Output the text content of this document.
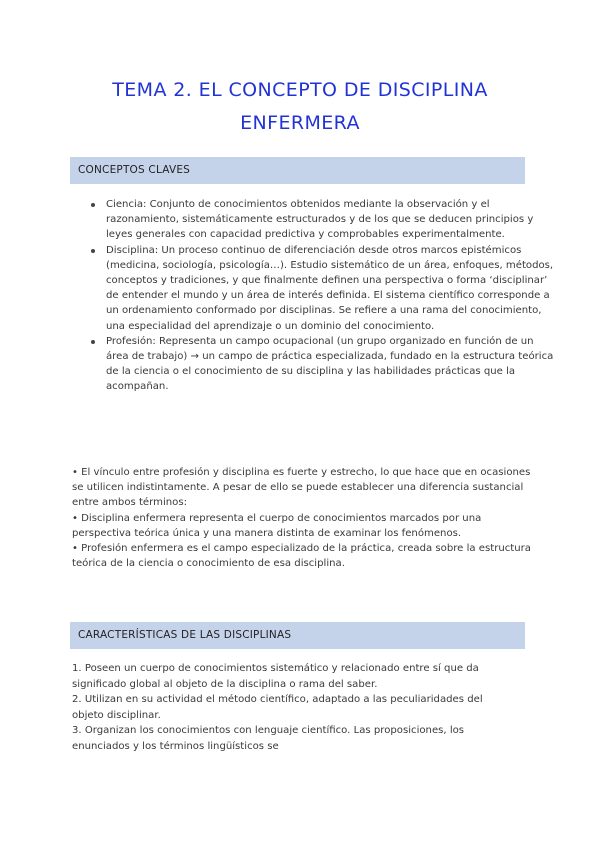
TEMA 2. EL CONCEPTO DE DISCIPLINA ENFERMERA
CONCEPTOS CLAVES
Ciencia: Conjunto de conocimientos obtenidos mediante la observación y el razonamiento, sistemáticamente estructurados y de los que se deducen principios y leyes generales con capacidad predictiva y comprobables experimentalmente.
Disciplina: Un proceso continuo de diferenciación desde otros marcos epistémicos (medicina, sociología, psicología…). Estudio sistemático de un área, enfoques, métodos, conceptos y tradiciones, y que finalmente definen una perspectiva o forma ‘disciplinar’ de entender el mundo y un área de interés definida. El sistema científico corresponde a un ordenamiento conformado por disciplinas. Se refiere a una rama del conocimiento, una especialidad del aprendizaje o un dominio del conocimiento.
Profesión: Representa un campo ocupacional (un grupo organizado en función de un área de trabajo) → un campo de práctica especializada, fundado en la estructura teórica de la ciencia o el conocimiento de su disciplina y las habilidades prácticas que la acompañan.

• El vínculo entre profesión y disciplina es fuerte y estrecho, lo que hace que en ocasiones se utilicen indistintamente. A pesar de ello se puede establecer una diferencia sustancial entre ambos términos:

• Disciplina enfermera representa el cuerpo de conocimientos marcados por una perspectiva teórica única y una manera distinta de examinar los fenómenos.

• Profesión enfermera es el campo especializado de la práctica, creada sobre la estructura teórica de la ciencia o conocimiento de esa disciplina.

CARACTERÍSTICAS DE LAS DISCIPLINAS

1. Poseen un cuerpo de conocimientos sistemático y relacionado entre sí que da significado global al objeto de la disciplina o rama del saber.

2. Utilizan en su actividad el método científico, adaptado a las peculiaridades del objeto disciplinar.

3. Organizan los conocimientos con lenguaje científico. Las proposiciones, los enunciados y los términos lingüísticos se
